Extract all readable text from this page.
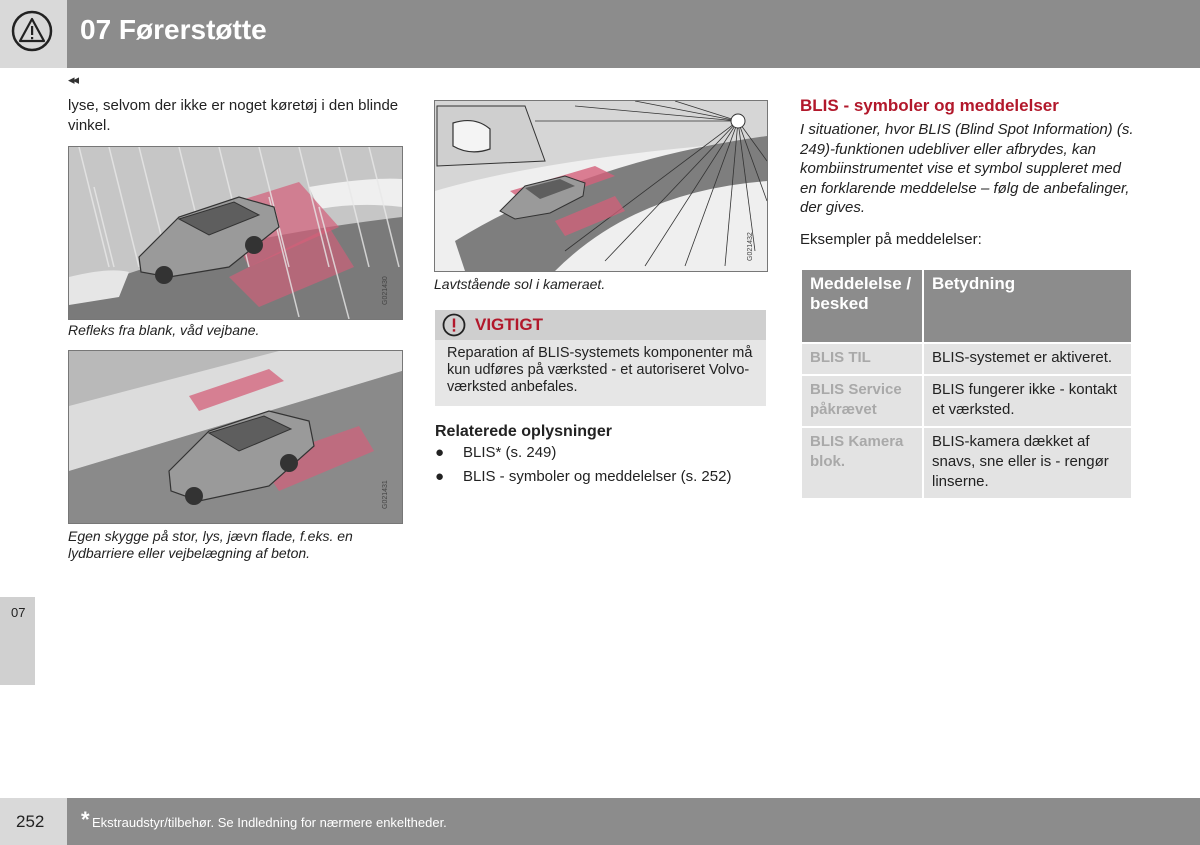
07 Førerstøtte
◂◂
07
lyse, selvom der ikke er noget køretøj i den blinde vinkel.
G021430
Refleks fra blank, våd vejbane.
G021431
Egen skygge på stor, lys, jævn flade, f.eks. en lydbarriere eller vejbelægning af beton.
G021432
Lavtstående sol i kameraet.
VIGTIGT
Reparation af BLIS-systemets komponenter må kun udføres på værksted - et autoriseret Volvo-værksted anbefales.
Relaterede oplysninger
● BLIS* (s. 249)
● BLIS - symboler og meddelelser (s. 252)
BLIS - symboler og meddelelser
I situationer, hvor BLIS (Blind Spot Information) (s. 249)-funktionen udebliver eller afbrydes, kan kombiinstrumentet vise et symbol suppleret med en forklarende meddelelse – følg de anbefalinger, der gives.
Eksempler på meddelelser:
Meddelelse / besked	Betydning
BLIS TIL	BLIS-systemet er aktiveret.
BLIS Service påkrævet	BLIS fungerer ikke - kontakt et værksted.
BLIS Kamera blok.	BLIS-kamera dækket af snavs, sne eller is - rengør linserne.
252 * Ekstraudstyr/tilbehør. Se Indledning for nærmere enkeltheder.
